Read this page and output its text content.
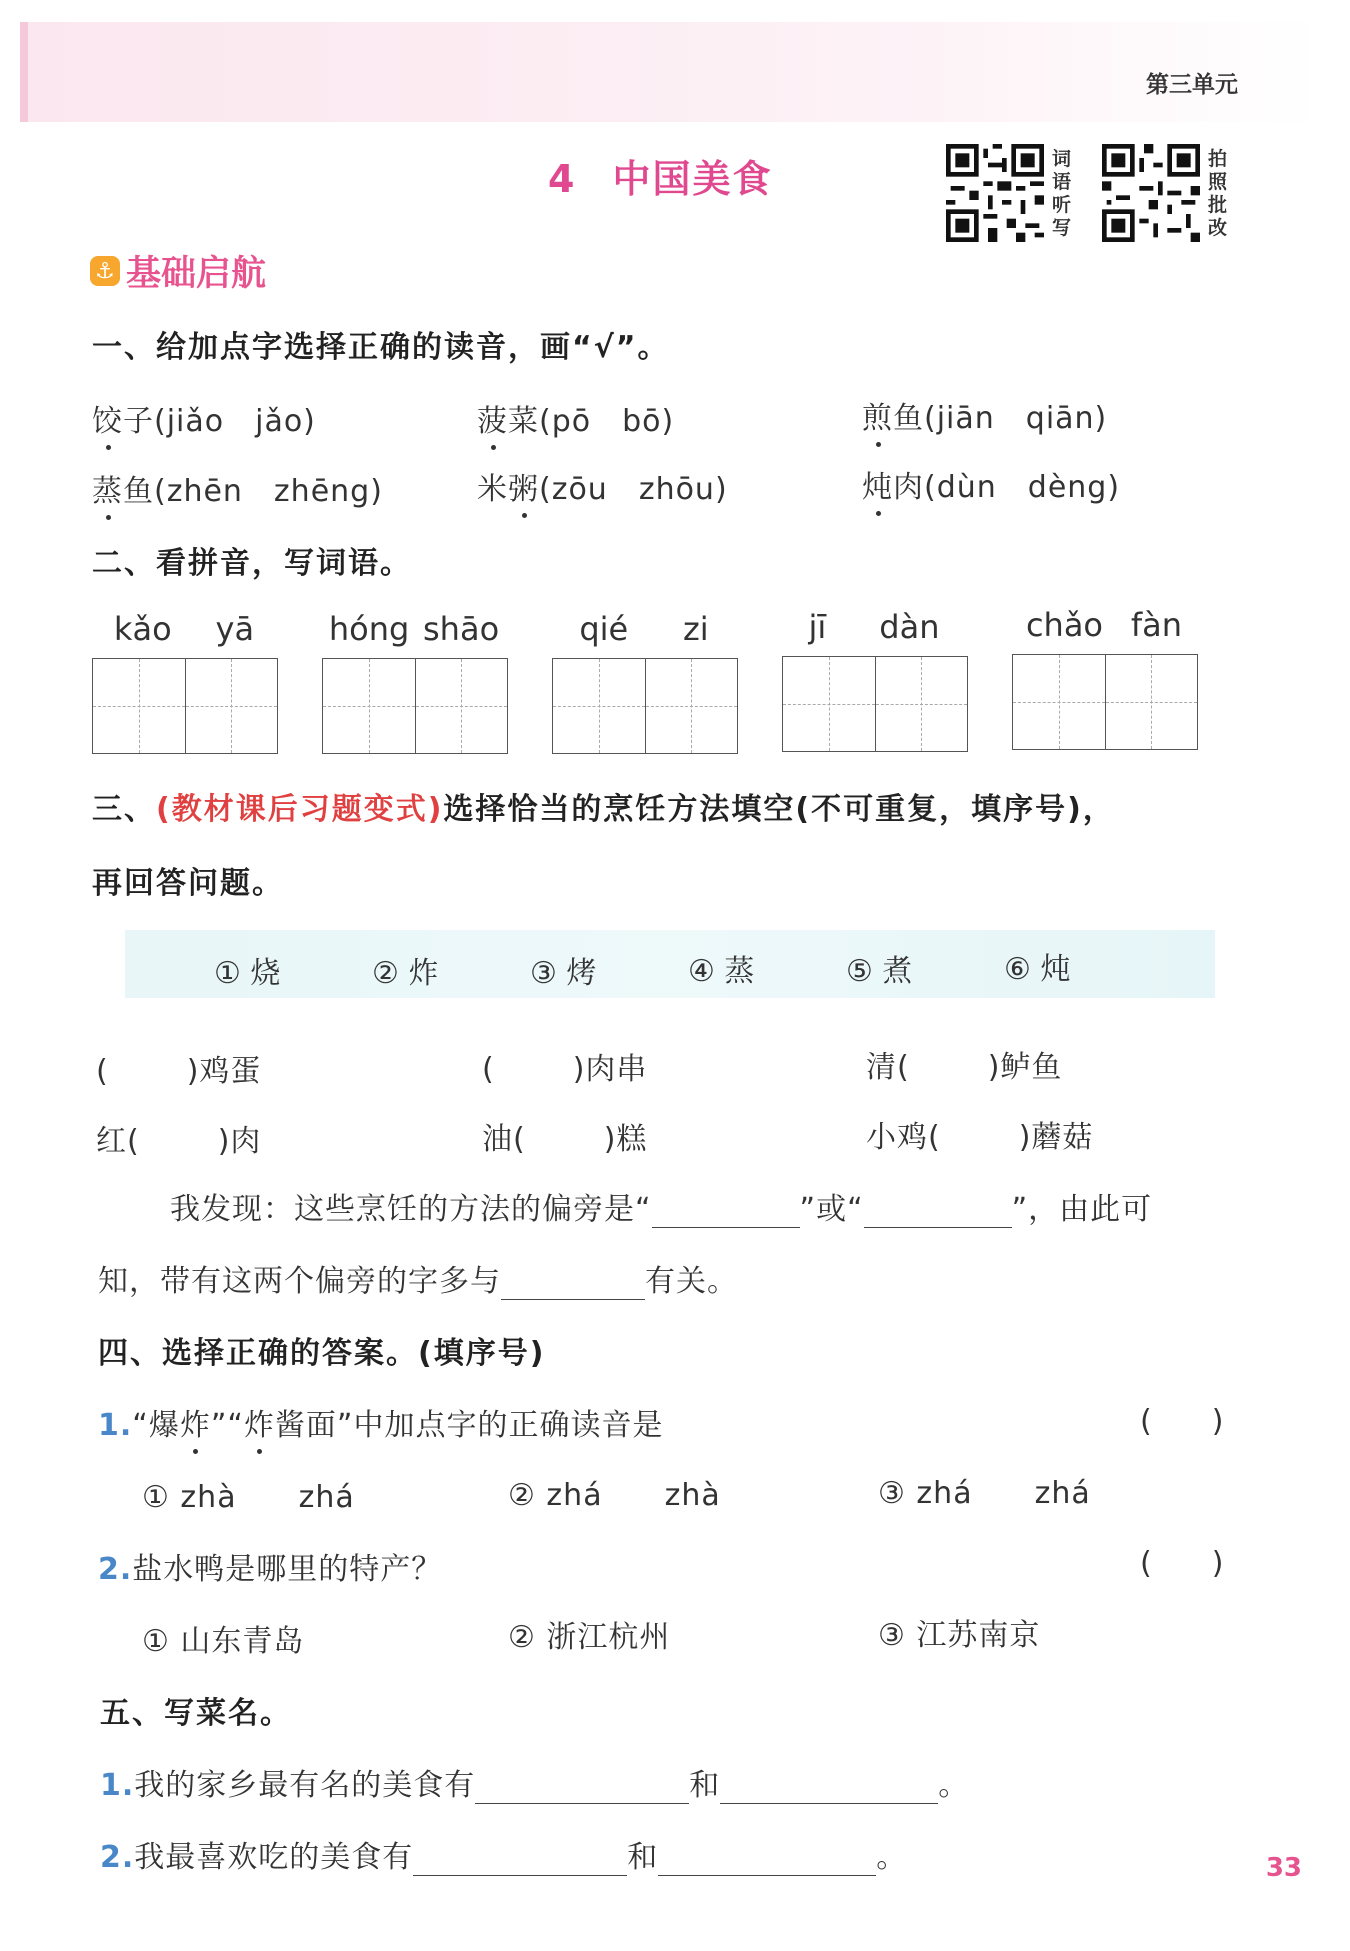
第三单元
4 中国美食	词
语
听
写
拍
照
批
改
⚓ 基础启航
一、给加点字选择正确的读音，画“√”。
饺子(jiǎo　jǎo)	菠菜(pō　bō)	煎鱼(jiān　qiān)
蒸鱼(zhēn　zhēng)	米粥(zōu　zhōu)	炖肉(dùn　dèng)
二、看拼音，写词语。
kǎo yā hóng shāo	qié zi	jī dàn	chǎo fàn
三、(教材课后习题变式)选择恰当的烹饪方法填空(不可重复，填序号)，
再回答问题。
① 烧	② 炸	③ 烤	④ 蒸	⑤ 煮	⑥ 炖
(	)鸡蛋	(	)肉串	清(	)鲈鱼
红(	)肉	油(	)糕	小鸡(	)蘑菇
我发现：这些烹饪的方法的偏旁是“	”或“	”，由此可
知，带有这两个偏旁的字多与	有关。
四、选择正确的答案。(填序号)
1.“爆炸”“炸酱面”中加点字的正确读音是	(　　)
① zhà　　zhá	② zhá　　zhà	③ zhá　　zhá
2.盐水鸭是哪里的特产？	(　　)
① 山东青岛	② 浙江杭州	③ 江苏南京
五、写菜名。
1.我的家乡最有名的美食有	和	。
2.我最喜欢吃的美食有	和	。	33
